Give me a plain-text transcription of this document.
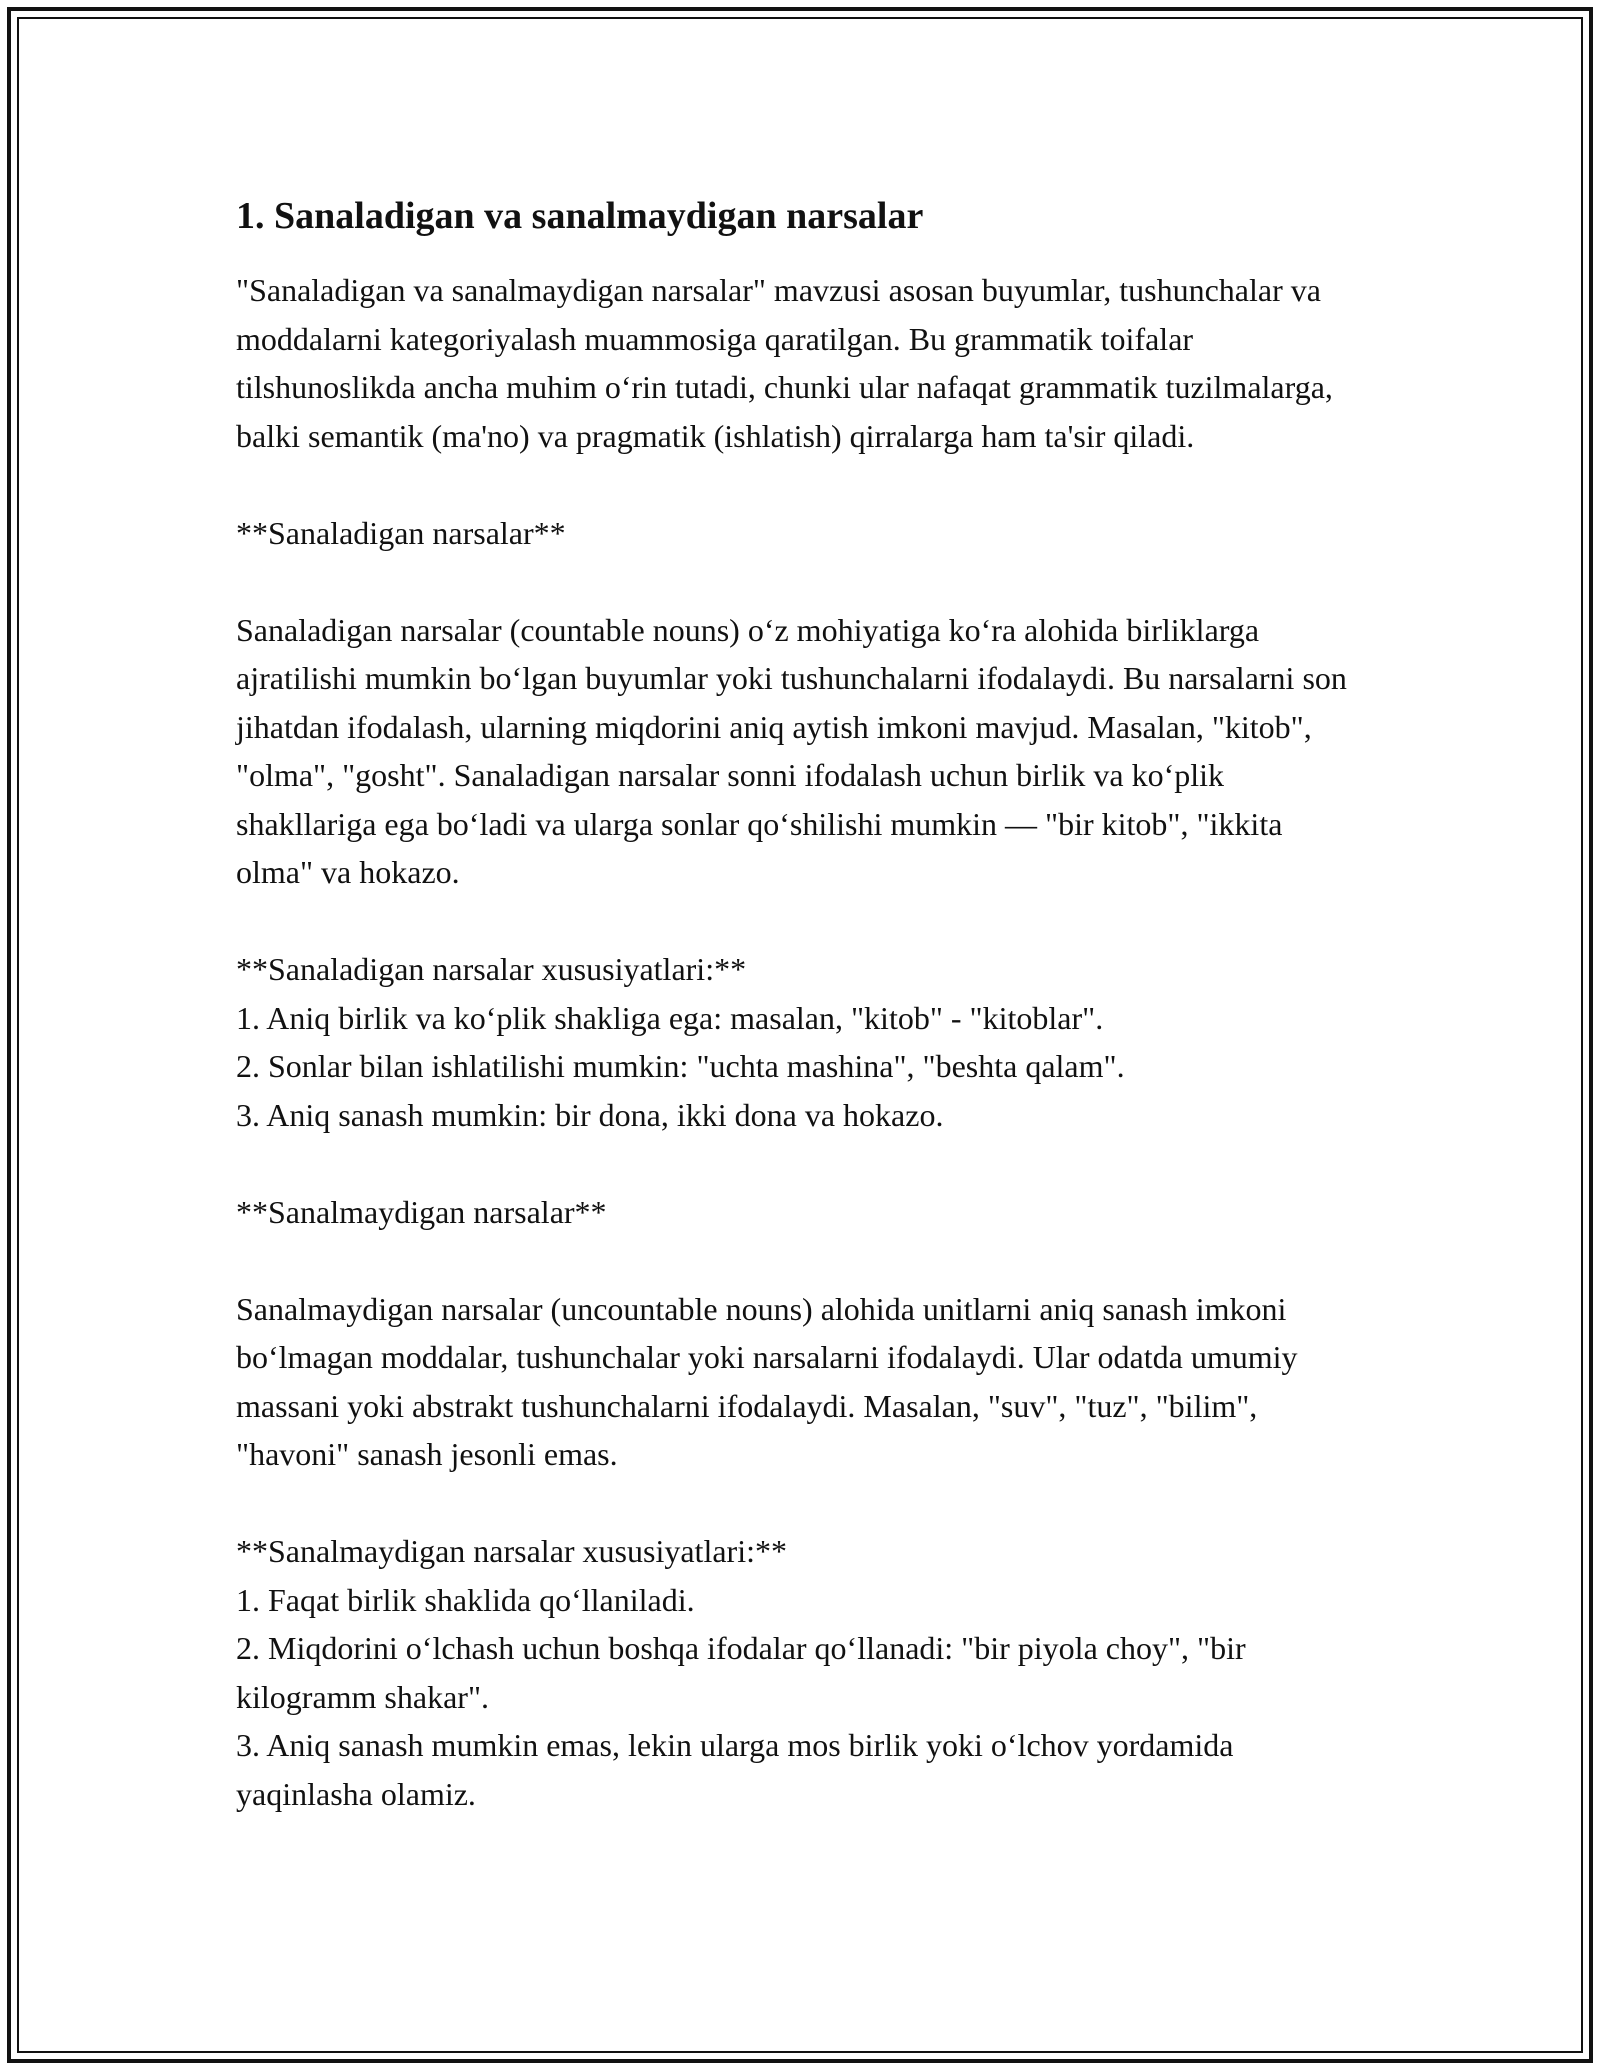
1. Sanaladigan va sanalmaydigan narsalar

"Sanaladigan va sanalmaydigan narsalar" mavzusi asosan buyumlar, tushunchalar va moddalarni kategoriyalash muammosiga qaratilgan. Bu grammatik toifalar tilshunoslikda ancha muhim o‘rin tutadi, chunki ular nafaqat grammatik tuzilmalarga, balki semantik (ma'no) va pragmatik (ishlatish) qirralarga ham ta'sir qiladi.

**Sanaladigan narsalar**

Sanaladigan narsalar (countable nouns) o‘z mohiyatiga ko‘ra alohida birliklarga ajratilishi mumkin bo‘lgan buyumlar yoki tushunchalarni ifodalaydi. Bu narsalarni son jihatdan ifodalash, ularning miqdorini aniq aytish imkoni mavjud. Masalan, "kitob", "olma", "gosht". Sanaladigan narsalar sonni ifodalash uchun birlik va ko‘plik shakllariga ega bo‘ladi va ularga sonlar qo‘shilishi mumkin — "bir kitob", "ikkita olma" va hokazo.

**Sanaladigan narsalar xususiyatlari:**

1. Aniq birlik va ko‘plik shakliga ega: masalan, "kitob" - "kitoblar".

2. Sonlar bilan ishlatilishi mumkin: "uchta mashina", "beshta qalam".

3. Aniq sanash mumkin: bir dona, ikki dona va hokazo.

**Sanalmaydigan narsalar**

Sanalmaydigan narsalar (uncountable nouns) alohida unitlarni aniq sanash imkoni bo‘lmagan moddalar, tushunchalar yoki narsalarni ifodalaydi. Ular odatda umumiy massani yoki abstrakt tushunchalarni ifodalaydi. Masalan, "suv", "tuz", "bilim", "havoni" sanash jesonli emas.

**Sanalmaydigan narsalar xususiyatlari:**

1. Faqat birlik shaklida qo‘llaniladi.

2. Miqdorini o‘lchash uchun boshqa ifodalar qo‘llanadi: "bir piyola choy", "bir kilogramm shakar".

3. Aniq sanash mumkin emas, lekin ularga mos birlik yoki o‘lchov yordamida yaqinlasha olamiz.
